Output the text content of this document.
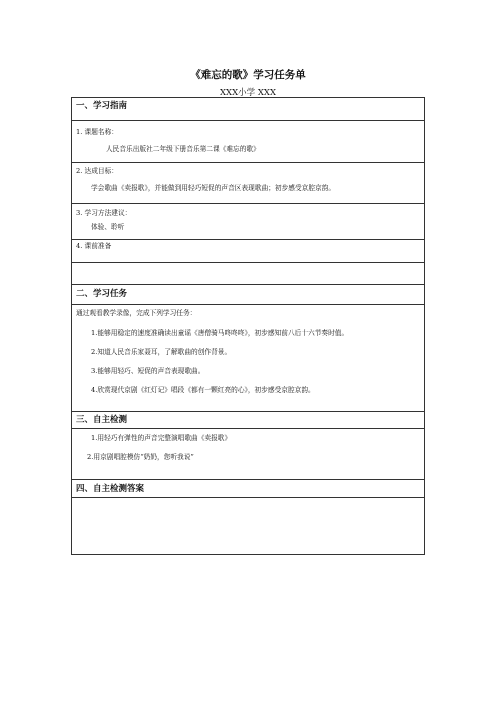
《难忘的歌》学习任务单
XXX小学 XXX
一、学习指南
1. 课题名称：
人民音乐出版社二年级下册音乐第二课《难忘的歌》
2. 达成目标：
学会歌曲《卖报歌》，并能做到用轻巧短促的声音区表现歌曲；初步感受京腔京韵。
3. 学习方法建议：
体验、聆听
4. 课前准备
二、学习任务
通过观看教学录像，完成下列学习任务：
1.能够用稳定的速度准确读出童谣《唐僧骑马咚咚咚》，初步感知前八后十六节奏时值。
2.知道人民音乐家聂耳，了解歌曲的创作背景。
3.能够用轻巧、短促的声音表现歌曲。
4.欣赏现代京剧《红灯记》唱段《都有一颗红亮的心》，初步感受京腔京韵。
三、自主检测
1.用轻巧有弹性的声音完整演唱歌曲《卖报歌》
2.用京剧唱腔模仿“奶奶，您听我说”
四、自主检测答案
